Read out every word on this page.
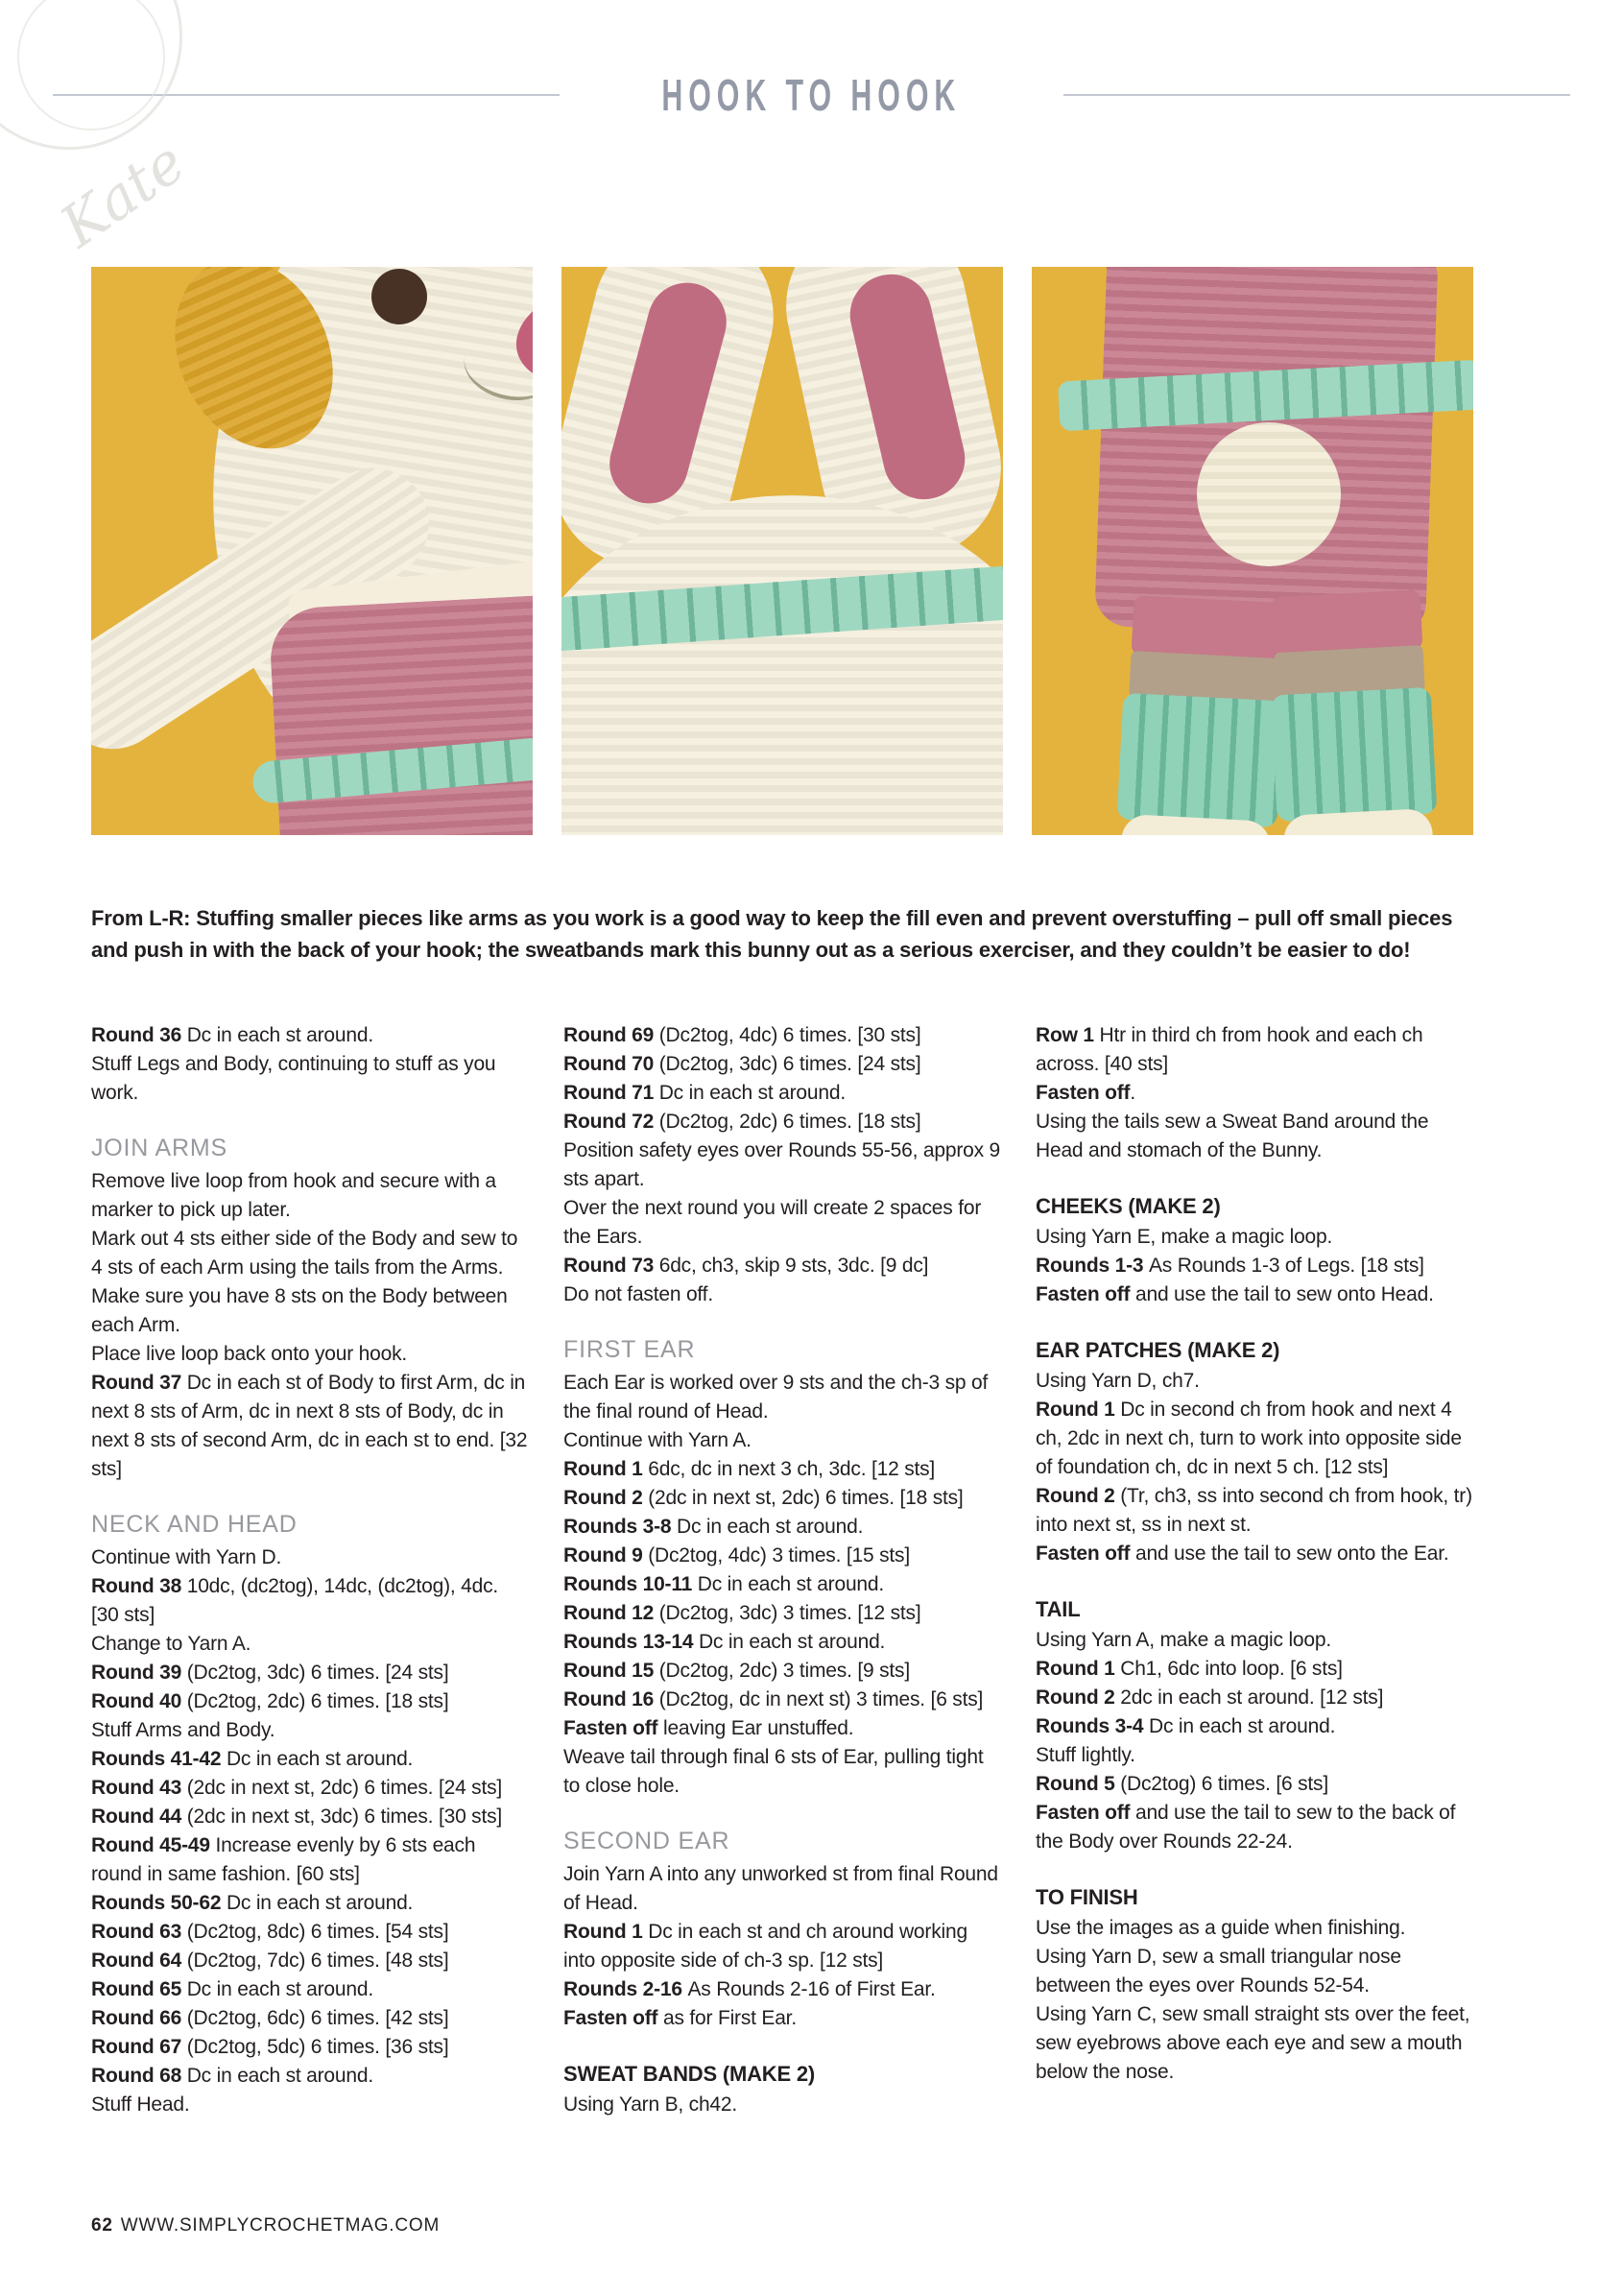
HOOK TO HOOK
Kate
From L-R: Stuffing smaller pieces like arms as you work is a good way to keep the fill even and prevent overstuffing – pull off small pieces and push in with the back of your hook; the sweatbands mark this bunny out as a serious exerciser, and they couldn’t be easier to do!

Round 36 Dc in each st around.

Stuff Legs and Body, continuing to stuff as you work.

JOIN ARMS

Remove live loop from hook and secure with a marker to pick up later.

Mark out 4 sts either side of the Body and sew to 4 sts of each Arm using the tails from the Arms. Make sure you have 8 sts on the Body between each Arm.

Place live loop back onto your hook.

Round 37 Dc in each st of Body to first Arm, dc in next 8 sts of Arm, dc in next 8 sts of Body, dc in next 8 sts of second Arm, dc in each st to end. [32 sts]

NECK AND HEAD

Continue with Yarn D.

Round 38 10dc, (dc2tog), 14dc, (dc2tog), 4dc. [30 sts]

Change to Yarn A.

Round 39 (Dc2tog, 3dc) 6 times. [24 sts]

Round 40 (Dc2tog, 2dc) 6 times. [18 sts]

Stuff Arms and Body.

Rounds 41-42 Dc in each st around.

Round 43 (2dc in next st, 2dc) 6 times. [24 sts]

Round 44 (2dc in next st, 3dc) 6 times. [30 sts]

Round 45-49 Increase evenly by 6 sts each round in same fashion. [60 sts]

Rounds 50-62 Dc in each st around.

Round 63 (Dc2tog, 8dc) 6 times. [54 sts]

Round 64 (Dc2tog, 7dc) 6 times. [48 sts]

Round 65 Dc in each st around.

Round 66 (Dc2tog, 6dc) 6 times. [42 sts]

Round 67 (Dc2tog, 5dc) 6 times. [36 sts]

Round 68 Dc in each st around.

Stuff Head.

Round 69 (Dc2tog, 4dc) 6 times. [30 sts]

Round 70 (Dc2tog, 3dc) 6 times. [24 sts]

Round 71 Dc in each st around.

Round 72 (Dc2tog, 2dc) 6 times. [18 sts]

Position safety eyes over Rounds 55-56, approx 9 sts apart.

Over the next round you will create 2 spaces for the Ears.

Round 73 6dc, ch3, skip 9 sts, 3dc. [9 dc]

Do not fasten off.

FIRST EAR

Each Ear is worked over 9 sts and the ch-3 sp of the final round of Head.

Continue with Yarn A.

Round 1 6dc, dc in next 3 ch, 3dc. [12 sts]

Round 2 (2dc in next st, 2dc) 6 times. [18 sts]

Rounds 3-8 Dc in each st around.

Round 9 (Dc2tog, 4dc) 3 times. [15 sts]

Rounds 10-11 Dc in each st around.

Round 12 (Dc2tog, 3dc) 3 times. [12 sts]

Rounds 13-14 Dc in each st around.

Round 15 (Dc2tog, 2dc) 3 times. [9 sts]

Round 16 (Dc2tog, dc in next st) 3 times. [6 sts]

Fasten off leaving Ear unstuffed.

Weave tail through final 6 sts of Ear, pulling tight to close hole.

SECOND EAR

Join Yarn A into any unworked st from final Round of Head.

Round 1 Dc in each st and ch around working into opposite side of ch-3 sp. [12 sts]

Rounds 2-16 As Rounds 2-16 of First Ear.

Fasten off as for First Ear.

SWEAT BANDS (MAKE 2)

Using Yarn B, ch42.

Row 1 Htr in third ch from hook and each ch across. [40 sts]

Fasten off.

Using the tails sew a Sweat Band around the Head and stomach of the Bunny.

CHEEKS (MAKE 2)

Using Yarn E, make a magic loop.

Rounds 1-3 As Rounds 1-3 of Legs. [18 sts]

Fasten off and use the tail to sew onto Head.

EAR PATCHES (MAKE 2)

Using Yarn D, ch7.

Round 1 Dc in second ch from hook and next 4 ch, 2dc in next ch, turn to work into opposite side of foundation ch, dc in next 5 ch. [12 sts]

Round 2 (Tr, ch3, ss into second ch from hook, tr) into next st, ss in next st.

Fasten off and use the tail to sew onto the Ear.

TAIL

Using Yarn A, make a magic loop.

Round 1 Ch1, 6dc into loop. [6 sts]

Round 2 2dc in each st around. [12 sts]

Rounds 3-4 Dc in each st around.

Stuff lightly.

Round 5 (Dc2tog) 6 times. [6 sts]

Fasten off and use the tail to sew to the back of the Body over Rounds 22-24.

TO FINISH

Use the images as a guide when finishing.

Using Yarn D, sew a small triangular nose between the eyes over Rounds 52-54.

Using Yarn C, sew small straight sts over the feet, sew eyebrows above each eye and sew a mouth below the nose.

62 WWW.SIMPLYCROCHETMAG.COM
